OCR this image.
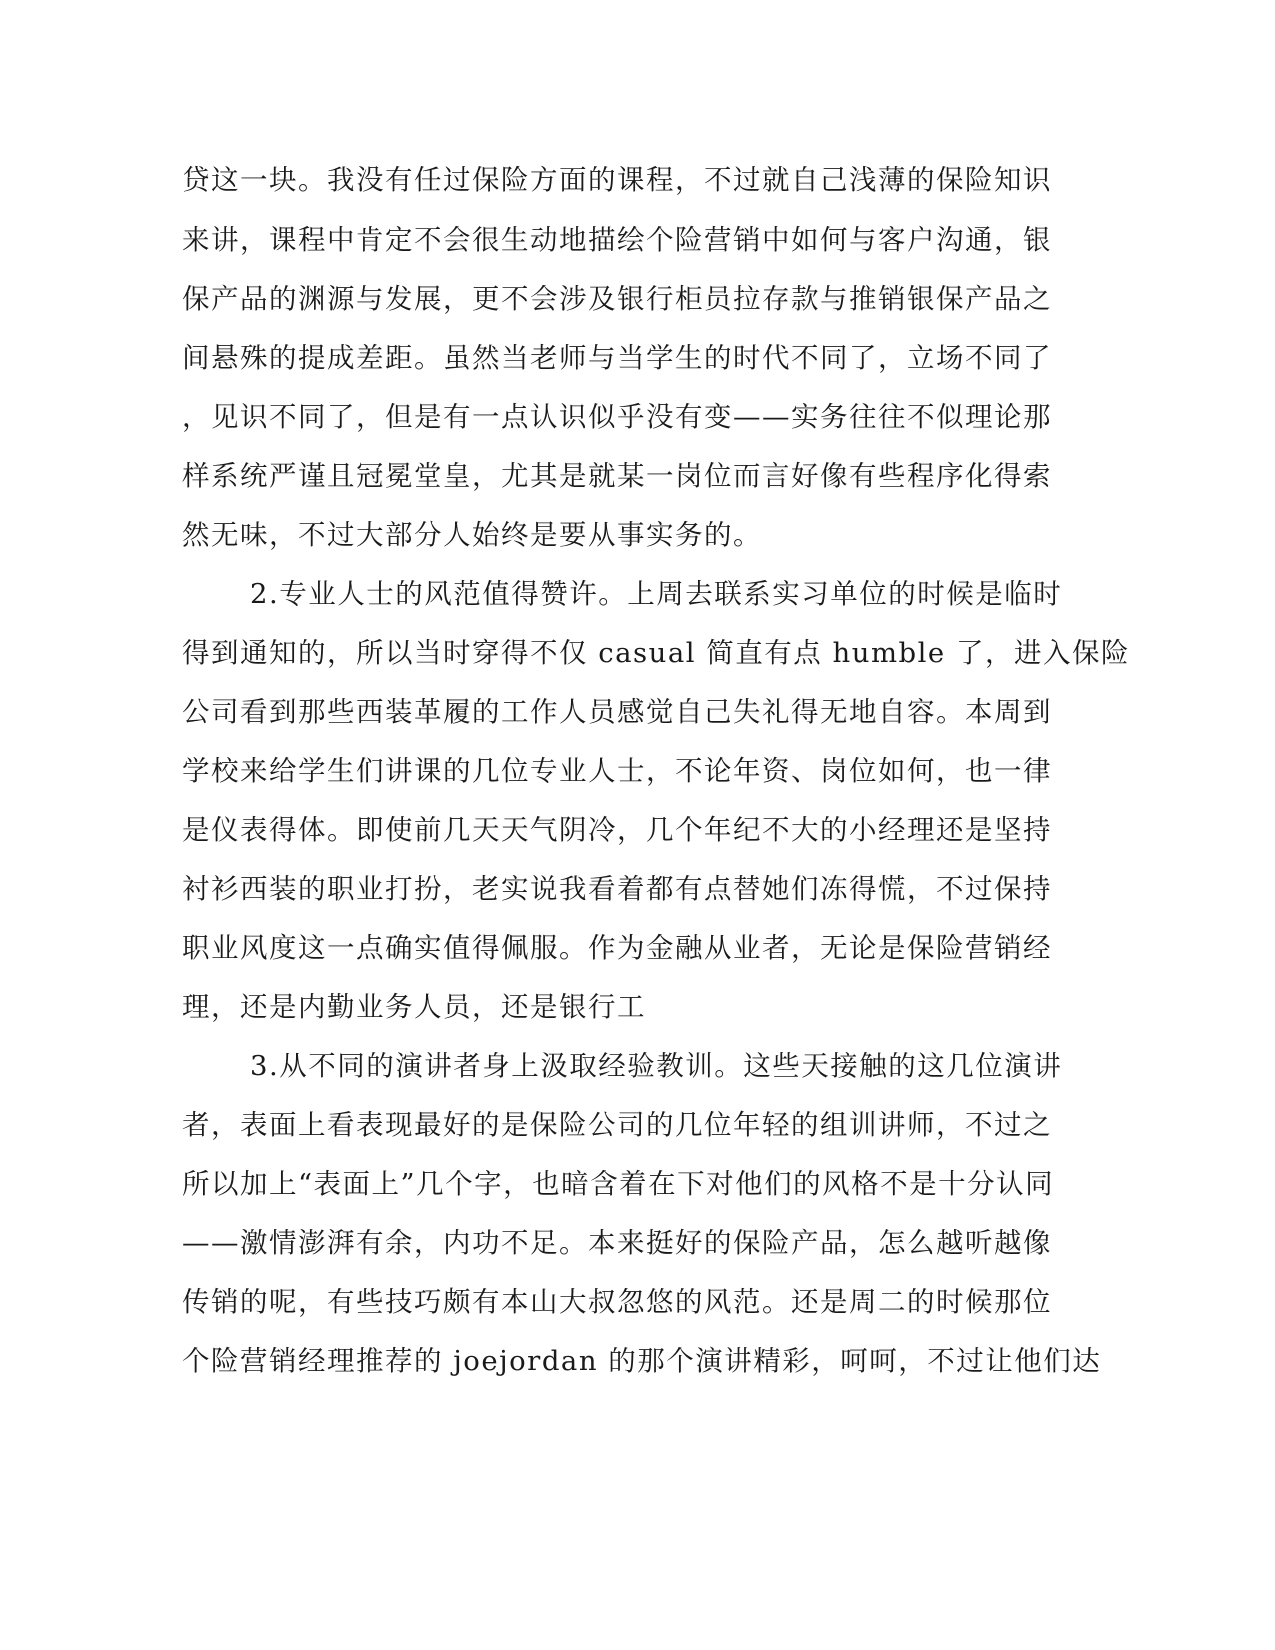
贷这一块。我没有任过保险方面的课程，不过就自己浅薄的保险知识
来讲，课程中肯定不会很生动地描绘个险营销中如何与客户沟通，银
保产品的渊源与发展，更不会涉及银行柜员拉存款与推销银保产品之
间悬殊的提成差距。虽然当老师与当学生的时代不同了，立场不同了
，见识不同了，但是有一点认识似乎没有变——实务往往不似理论那
样系统严谨且冠冕堂皇，尤其是就某一岗位而言好像有些程序化得索
然无味，不过大部分人始终是要从事实务的。
2.专业人士的风范值得赞许。上周去联系实习单位的时候是临时
得到通知的，所以当时穿得不仅 casual 简直有点 humble 了，进入保险
公司看到那些西装革履的工作人员感觉自己失礼得无地自容。本周到
学校来给学生们讲课的几位专业人士，不论年资、岗位如何，也一律
是仪表得体。即使前几天天气阴冷，几个年纪不大的小经理还是坚持
衬衫西装的职业打扮，老实说我看着都有点替她们冻得慌，不过保持
职业风度这一点确实值得佩服。作为金融从业者，无论是保险营销经
理，还是内勤业务人员，还是银行工
3.从不同的演讲者身上汲取经验教训。这些天接触的这几位演讲
者，表面上看表现最好的是保险公司的几位年轻的组训讲师，不过之
所以加上“表面上”几个字，也暗含着在下对他们的风格不是十分认同
——激情澎湃有余，内功不足。本来挺好的保险产品，怎么越听越像
传销的呢，有些技巧颇有本山大叔忽悠的风范。还是周二的时候那位
个险营销经理推荐的 joejordan 的那个演讲精彩，呵呵，不过让他们达
